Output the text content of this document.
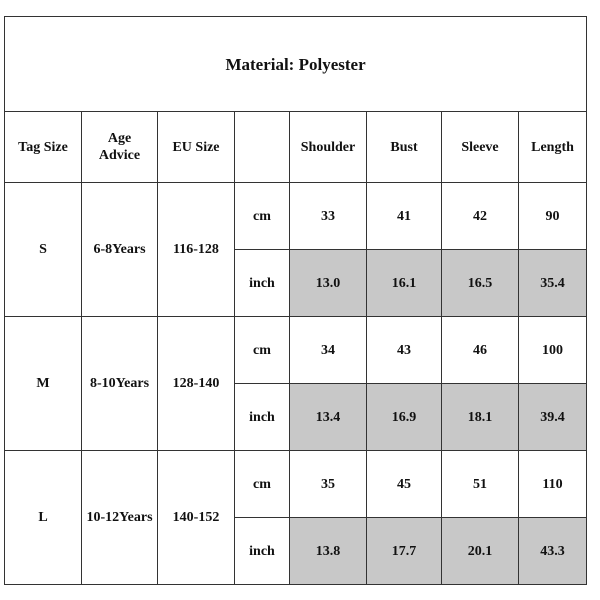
Material: Polyester							
Tag Size	Age Advice	EU Size		Shoulder	Bust	Sleeve	Length
S	6-8Years	116-128	cm	33	41	42	90
			inch	13.0	16.1	16.5	35.4
M	8-10Years	128-140	cm	34	43	46	100
			inch	13.4	16.9	18.1	39.4
L	10-12Years	140-152	cm	35	45	51	110
			inch	13.8	17.7	20.1	43.3
